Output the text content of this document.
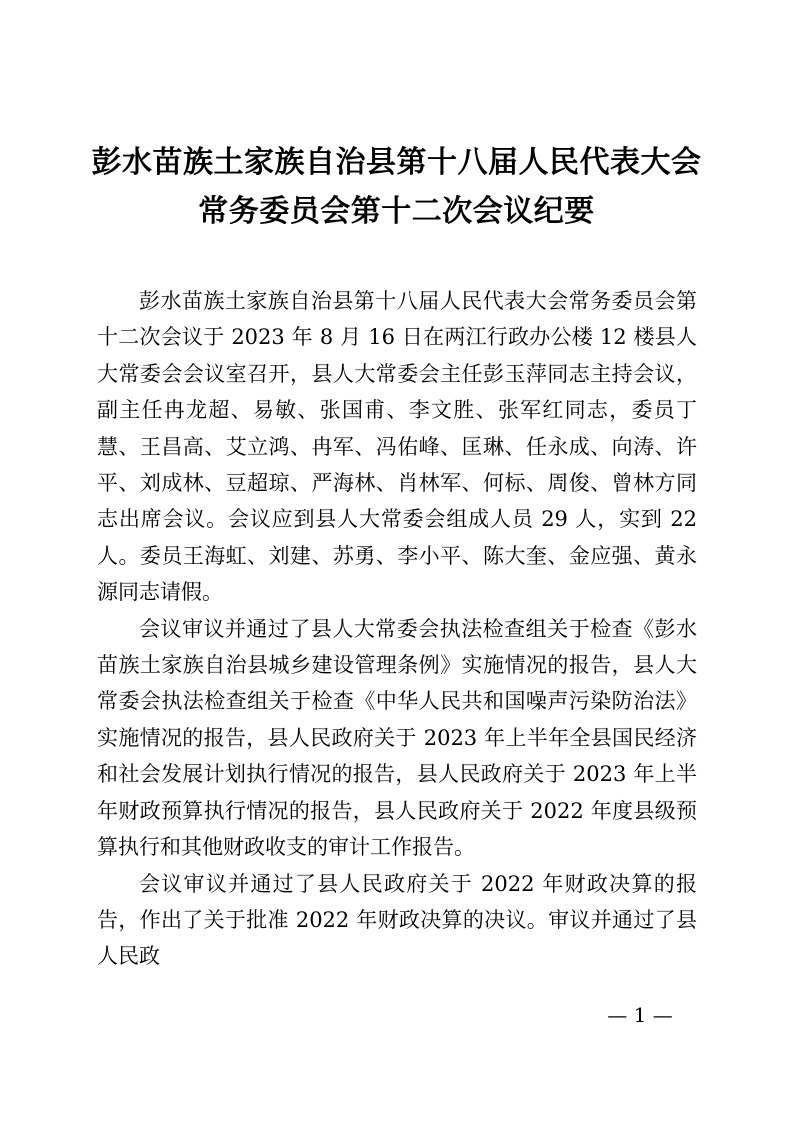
彭水苗族土家族自治县第十八届人民代表大会
常务委员会第十二次会议纪要

彭水苗族土家族自治县第十八届人民代表大会常务委员会第十二次会议于 2023 年 8 月 16 日在两江行政办公楼 12 楼县人大常委会会议室召开，县人大常委会主任彭玉萍同志主持会议，副主任冉龙超、易敏、张国甫、李文胜、张军红同志，委员丁慧、王昌高、艾立鸿、冉军、冯佑峰、匡琳、任永成、向涛、许平、刘成林、豆超琼、严海林、肖林军、何标、周俊、曾林方同志出席会议。会议应到县人大常委会组成人员 29 人，实到 22 人。委员王海虹、刘建、苏勇、李小平、陈大奎、金应强、黄永源同志请假。

会议审议并通过了县人大常委会执法检查组关于检查《彭水苗族土家族自治县城乡建设管理条例》实施情况的报告，县人大常委会执法检查组关于检查《中华人民共和国噪声污染防治法》实施情况的报告，县人民政府关于 2023 年上半年全县国民经济和社会发展计划执行情况的报告，县人民政府关于 2023 年上半年财政预算执行情况的报告，县人民政府关于 2022 年度县级预算执行和其他财政收支的审计工作报告。

会议审议并通过了县人民政府关于 2022 年财政决算的报告，作出了关于批准 2022 年财政决算的决议。审议并通过了县人民政

— 1 —
